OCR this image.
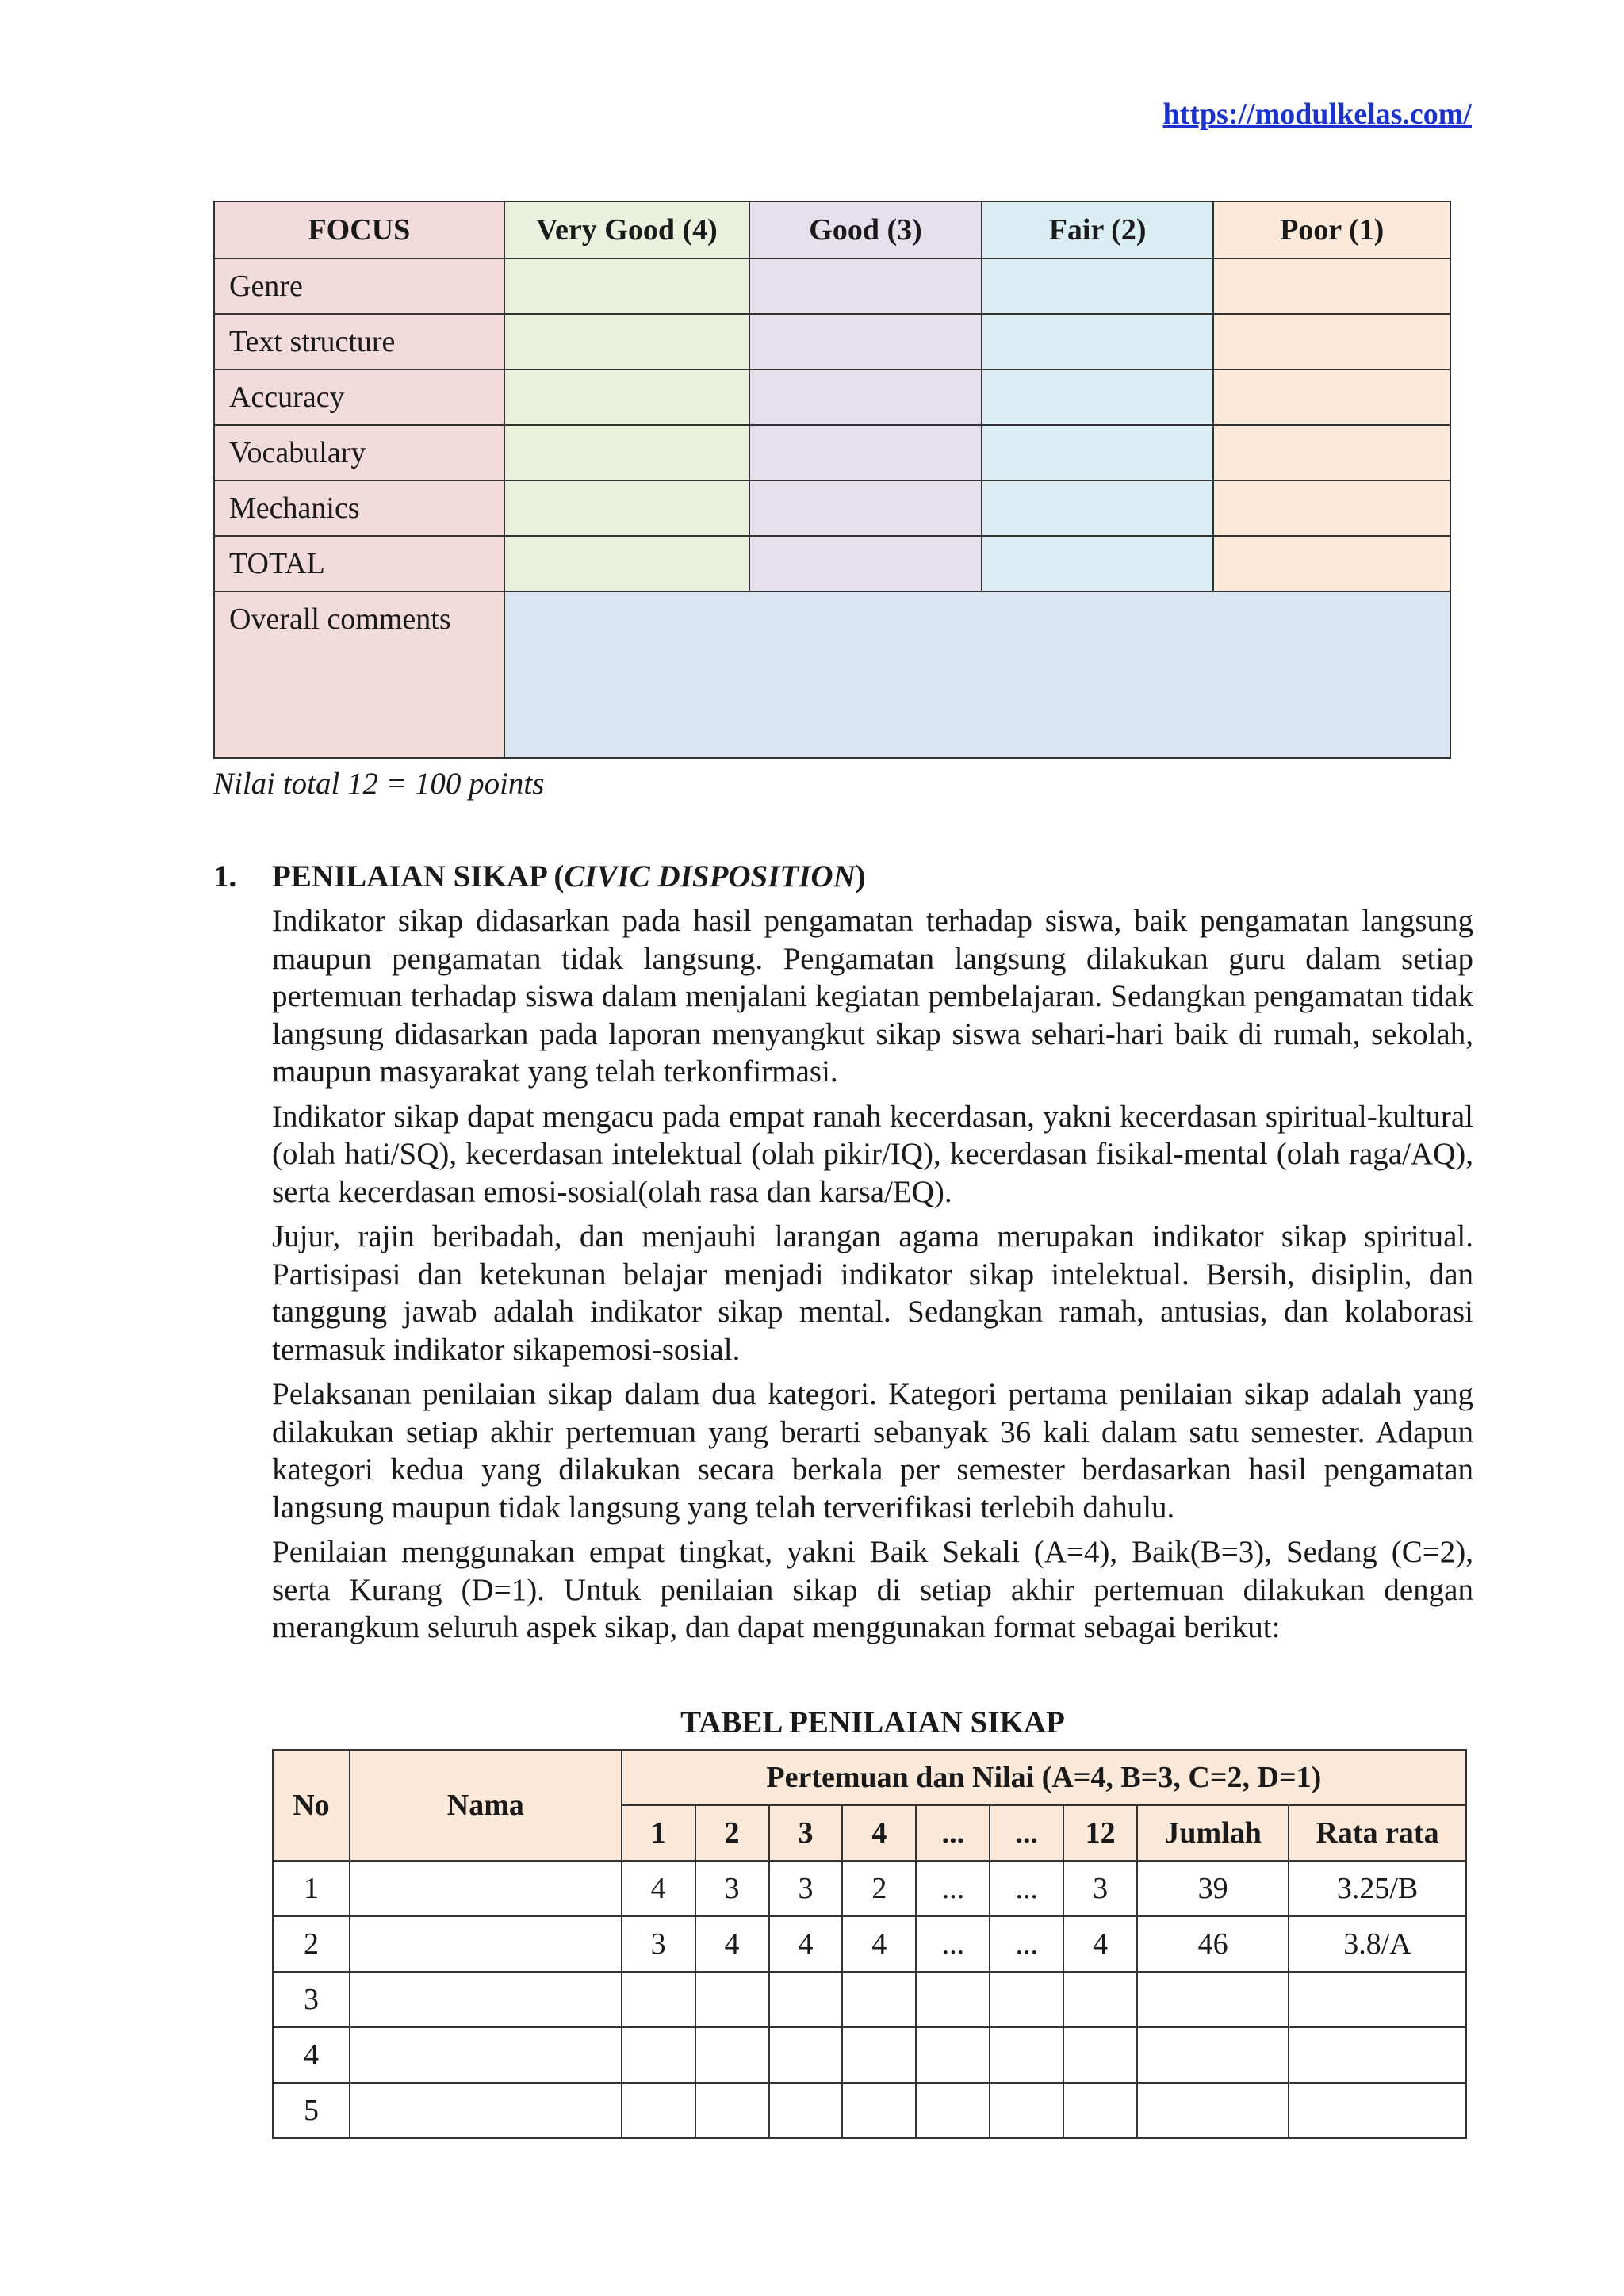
https://modulkelas.com/
FOCUS	Very Good (4)	Good (3)	Fair (2)	Poor (1)
Genre				
Text structure				
Accuracy				
Vocabulary				
Mechanics				
TOTAL				
Overall comments				
Nilai total 12 = 100 points
1. PENILAIAN SIKAP (CIVIC DISPOSITION)

Indikator sikap didasarkan pada hasil pengamatan terhadap siswa, baik pengamatan langsung maupun pengamatan tidak langsung. Pengamatan langsung dilakukan guru dalam setiap pertemuan terhadap siswa dalam menjalani kegiatan pembelajaran. Sedangkan pengamatan tidak langsung didasarkan pada laporan menyangkut sikap siswa sehari-hari baik di rumah, sekolah, maupun masyarakat yang telah terkonfirmasi.

Indikator sikap dapat mengacu pada empat ranah kecerdasan, yakni kecerdasan spiritual-kultural (olah hati/SQ), kecerdasan intelektual (olah pikir/IQ), kecerdasan fisikal-mental (olah raga/AQ), serta kecerdasan emosi-sosial(olah rasa dan karsa/EQ).

Jujur, rajin beribadah, dan menjauhi larangan agama merupakan indikator sikap spiritual. Partisipasi dan ketekunan belajar menjadi indikator sikap intelektual. Bersih, disiplin, dan tanggung jawab adalah indikator sikap mental. Sedangkan ramah, antusias, dan kolaborasi termasuk indikator sikapemosi-sosial.

Pelaksanan penilaian sikap dalam dua kategori. Kategori pertama penilaian sikap adalah yang dilakukan setiap akhir pertemuan yang berarti sebanyak 36 kali dalam satu semester. Adapun kategori kedua yang dilakukan secara berkala per semester berdasarkan hasil pengamatan langsung maupun tidak langsung yang telah terverifikasi terlebih dahulu.

Penilaian menggunakan empat tingkat, yakni Baik Sekali (A=4), Baik(B=3), Sedang (C=2), serta Kurang (D=1). Untuk penilaian sikap di setiap akhir pertemuan dilakukan dengan merangkum seluruh aspek sikap, dan dapat menggunakan format sebagai berikut:

TABEL PENILAIAN SIKAP
No	Nama	Pertemuan dan Nilai (A=4, B=3, C=2, D=1)								
		1	2	3	4	...	...	12	Jumlah	Rata rata
1		4	3	3	2	...	...	3	39	3.25/B
2		3	4	4	4	...	...	4	46	3.8/A
3										
4										
5										
